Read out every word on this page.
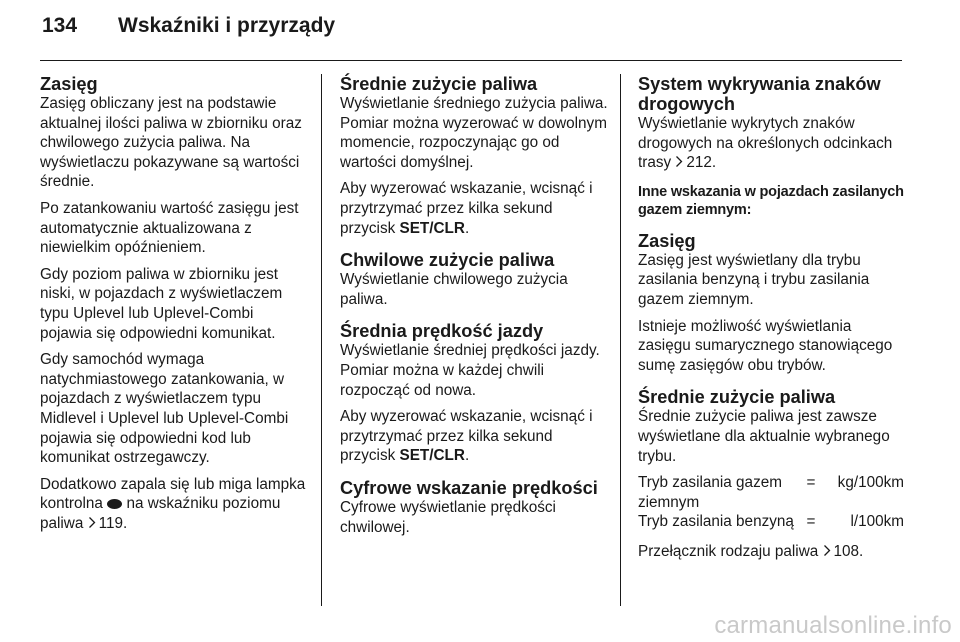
134	Wskaźniki i przyrządy
Zasięg

Zasięg obliczany jest na podstawie aktualnej ilości paliwa w zbiorniku oraz chwilowego zużycia paliwa. Na wyświetlaczu pokazywane są wartości średnie.

Po zatankowaniu wartość zasięgu jest automatycznie aktualizowana z niewielkim opóźnieniem.

Gdy poziom paliwa w zbiorniku jest niski, w pojazdach z wyświetlaczem typu Uplevel lub Uplevel-Combi pojawia się odpowiedni komunikat.

Gdy samochód wymaga natychmiastowego zatankowania, w pojazdach z wyświetlaczem typu Midlevel i Uplevel lub Uplevel-Combi pojawia się odpowiedni kod lub komunikat ostrzegawczy.

Dodatkowo zapala się lub miga lampka kontrolna na wskaźniku poziomu paliwa 119.

Średnie zużycie paliwa

Wyświetlanie średniego zużycia paliwa. Pomiar można wyzerować w dowolnym momencie, rozpoczynając go od wartości domyślnej.

Aby wyzerować wskazanie, wcisnąć i przytrzymać przez kilka sekund przycisk SET/CLR.

Chwilowe zużycie paliwa

Wyświetlanie chwilowego zużycia paliwa.

Średnia prędkość jazdy

Wyświetlanie średniej prędkości jazdy. Pomiar można w każdej chwili rozpocząć od nowa.

Aby wyzerować wskazanie, wcisnąć i przytrzymać przez kilka sekund przycisk SET/CLR.

Cyfrowe wskazanie prędkości

Cyfrowe wyświetlanie prędkości chwilowej.

System wykrywania znaków drogowych

Wyświetlanie wykrytych znaków drogowych na określonych odcinkach trasy 212.

Inne wskazania w pojazdach zasilanych gazem ziemnym:
Zasięg

Zasięg jest wyświetlany dla trybu zasilania benzyną i trybu zasilania gazem ziemnym.

Istnieje możliwość wyświetlania zasięgu sumarycznego stanowiącego sumę zasięgów obu trybów.

Średnie zużycie paliwa

Średnie zużycie paliwa jest zawsze wyświetlane dla aktualnie wybranego trybu.

Tryb zasilania gazem ziemnym	=	kg/100km
Tryb zasilania benzyną	=	l/100km

Przełącznik rodzaju paliwa 108.

carmanualsonline.info
